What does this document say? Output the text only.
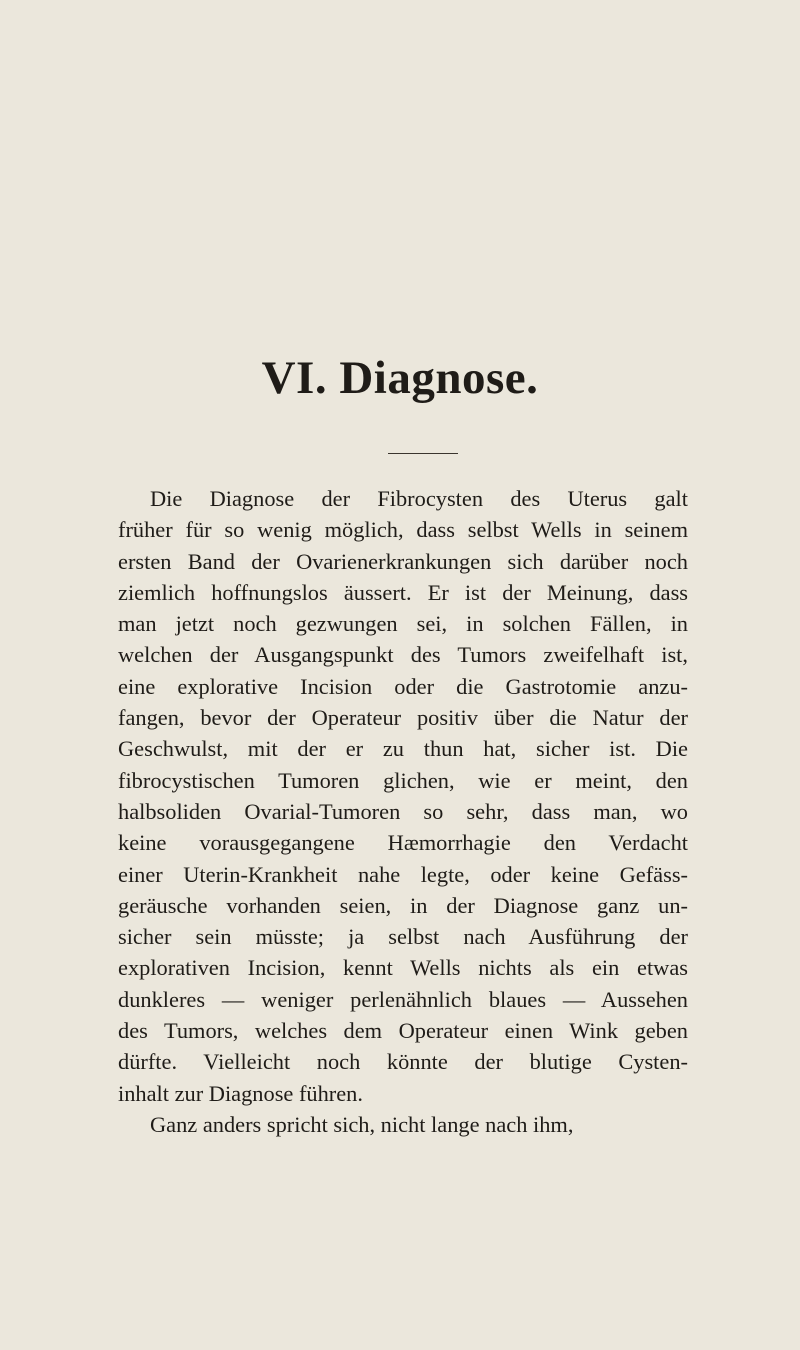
VI. Diagnose.
Die Diagnose der Fibrocysten des Uterus galt
früher für so wenig möglich, dass selbst Wells in seinem
ersten Band der Ovarienerkrankungen sich darüber noch
ziemlich hoffnungslos äussert. Er ist der Meinung, dass
man jetzt noch gezwungen sei, in solchen Fällen, in
welchen der Ausgangspunkt des Tumors zweifelhaft ist,
eine explorative Incision oder die Gastrotomie anzu-
fangen, bevor der Operateur positiv über die Natur der
Geschwulst, mit der er zu thun hat, sicher ist. Die
fibrocystischen Tumoren glichen, wie er meint, den
halbsoliden Ovarial-Tumoren so sehr, dass man, wo
keine vorausgegangene Hæmorrhagie den Verdacht
einer Uterin-Krankheit nahe legte, oder keine Gefäss-
geräusche vorhanden seien, in der Diagnose ganz un-
sicher sein müsste; ja selbst nach Ausführung der
explorativen Incision, kennt Wells nichts als ein etwas
dunkleres — weniger perlenähnlich blaues — Aussehen
des Tumors, welches dem Operateur einen Wink geben
dürfte. Vielleicht noch könnte der blutige Cysten-
inhalt zur Diagnose führen.
Ganz anders spricht sich, nicht lange nach ihm,
